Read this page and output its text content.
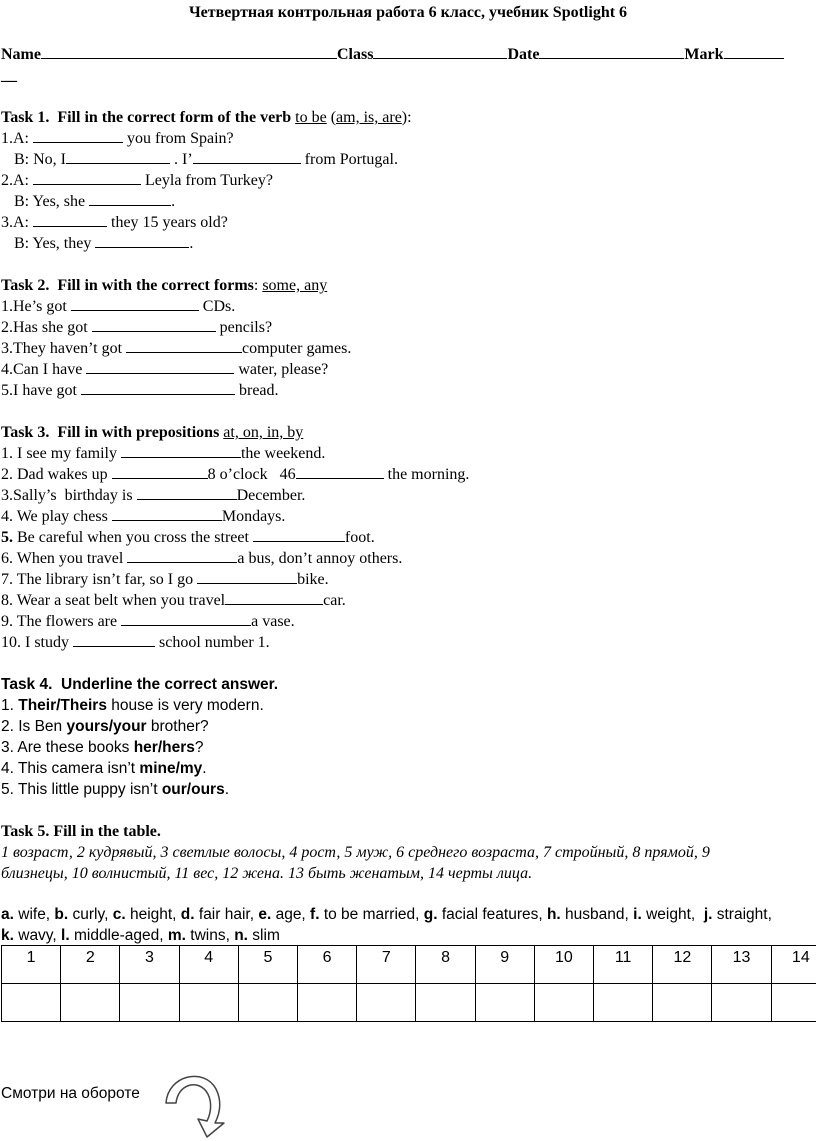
Четвертная контрольная работа 6 класс, учебник Spotlight 6
Name	Class	Date	Mark
__
Task 1.  Fill in the correct form of the verb to be (am, is, are):
1.A:	you from Spain?
B: No, I	. I’	from Portugal.
2.A:	Leyla from Turkey?
B: Yes, she	.
3.A:	they 15 years old?
B: Yes, they	.
Task 2.  Fill in with the correct forms: some, any
1.He’s got	CDs.
2.Has she got	pencils?
3.They haven’t got	computer games.
4.Can I have	water, please?
5.I have got	bread.
Task 3.  Fill in with prepositions at, on, in, by
1. I see my family	the weekend.
2. Dad wakes up	8 o’clock   46	the morning.
3.Sally’s  birthday is	December.
4. We play chess	Mondays.
5. Be careful when you cross the street	foot.
6. When you travel	a bus, don’t annoy others.
7. The library isn’t far, so I go	bike.
8. Wear a seat belt when you travel	car.
9. The flowers are	a vase.
10. I study	school number 1.
Task 4.  Underline the correct answer.
1. Their/Theirs house is very modern.
2. Is Ben yours/your brother?
3. Are these books her/hers?
4. This camera isn’t mine/my.
5. This little puppy isn’t our/ours.
Task 5. Fill in the table.
1 возраст, 2 кудрявый, 3 светлые волосы, 4 рост, 5 муж, 6 среднего возраста, 7 стройный, 8 прямой, 9
близнецы, 10 волнистый, 11 вес, 12 жена. 13 быть женатым, 14 черты лица.
a. wife, b. curly, c. height, d. fair hair, e. age, f. to be married, g. facial features, h. husband, i. weight,  j. straight,
k. wavy, l. middle-aged, m. twins, n. slim
1	2	3	4	5	6	7	8	9	10	11	12	13	14

Смотри на обороте
